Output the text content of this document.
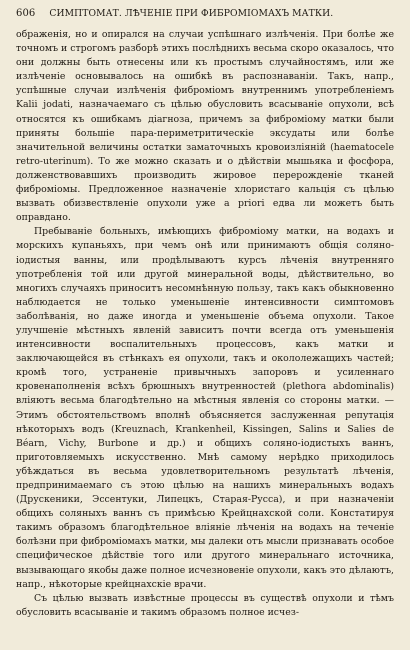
606 СИМПТОМАТ. ЛѢЧЕНІЕ ПРИ ФИБРОМІОМАХЪ МАТКИ.

ображенія, но и опирался на случаи успѣшнаго излѣченія. При болѣе же точномъ и строгомъ разборѣ этихъ послѣднихъ весьма скоро оказалось, что они должны быть отнесены или къ простымъ случайностямъ, или же излѣченіе основывалось на ошибкѣ въ распознаваніи. Такъ, напр., успѣшные случаи излѣченія фибромiомъ внутреннимъ употребленіемъ Kalii jodati, назначаемаго съ цѣлью обусловить всасываніе опухоли, всѣ относятся къ ошибкамъ діагноза, причемъ за фибромiому матки были приняты большіе пара-периметритическіе эксудаты или болѣе значительной величины остатки заматочныхъ кровоизліяній (haematocele retro-uterinum). То же можно сказать и о дѣйствіи мышьяка и фосфора, долженствовавшихъ производить жировое перерожденіе тканей фибромiомы. Предложенное назначеніе хлористаго кальція съ цѣлью вызвать обизвествленіе опухоли уже a priori едва ли можетъ быть оправдано.

Пребываніе больныхъ, имѣющихъ фибромiому матки, на водахъ и морскихъ купаньяхъ, при чемъ онѣ или принимаютъ общія соляно-іодистыя ванны, или продѣлываютъ курсъ лѣченія внутренняго употребленія той или другой минеральной воды, дѣйствительно, во многихъ случаяхъ приноситъ несомнѣнную пользу, такъ какъ обыкновенно наблюдается не только уменьшеніе интенсивности симптомовъ заболѣванія, но даже иногда и уменьшеніе объема опухоли. Такое улучшеніе мѣстныхъ явленій зависитъ почти всегда отъ уменьшенія интенсивности воспалительныхъ процессовъ, какъ матки и заключающейся въ стѣнкахъ ея опухоли, такъ и окололежащихъ частей; кромѣ того, устраненіе привычныхъ запоровъ и усиленнаго кровенаполненія всѣхъ брюшныхъ внутренностей (plethora abdominalis) вліяютъ весьма благодѣтельно на мѣстныя явленія со стороны матки. — Этимъ обстоятельствомъ вполнѣ объясняется заслуженная репутація нѣкоторыхъ водъ (Kreuznach, Krankenheil, Kissingen, Salins и Salies de Béarn, Vichy, Burbone и др.) и общихъ соляно-іодистыхъ ваннъ, приготовляемыхъ искусственно. Мнѣ самому нерѣдко приходилось убѣждаться въ весьма удовлетворительномъ результатѣ лѣченія, предпринимаемаго съ этою цѣлью на нашихъ минеральныхъ водахъ (Друскеники, Эссентуки, Липецкъ, Старая-Русса), и при назначеніи общихъ соляныхъ ваннъ съ примѣсью Крейцнахской соли. Констатируя такимъ образомъ благодѣтельное вліяніе лѣченія на водахъ на теченіе болѣзни при фибромiомахъ матки, мы далеки отъ мысли признавать особое специфическое дѣйствіе того или другого минеральнаго источника, вызывающаго якобы даже полное исчезновеніе опухоли, какъ это дѣлаютъ, напр., нѣкоторые крейцнахскіе врачи.

Съ цѣлью вызвать извѣстные процессы въ существѣ опухоли и тѣмъ обусловить всасываніе и такимъ образомъ полное исчез-
